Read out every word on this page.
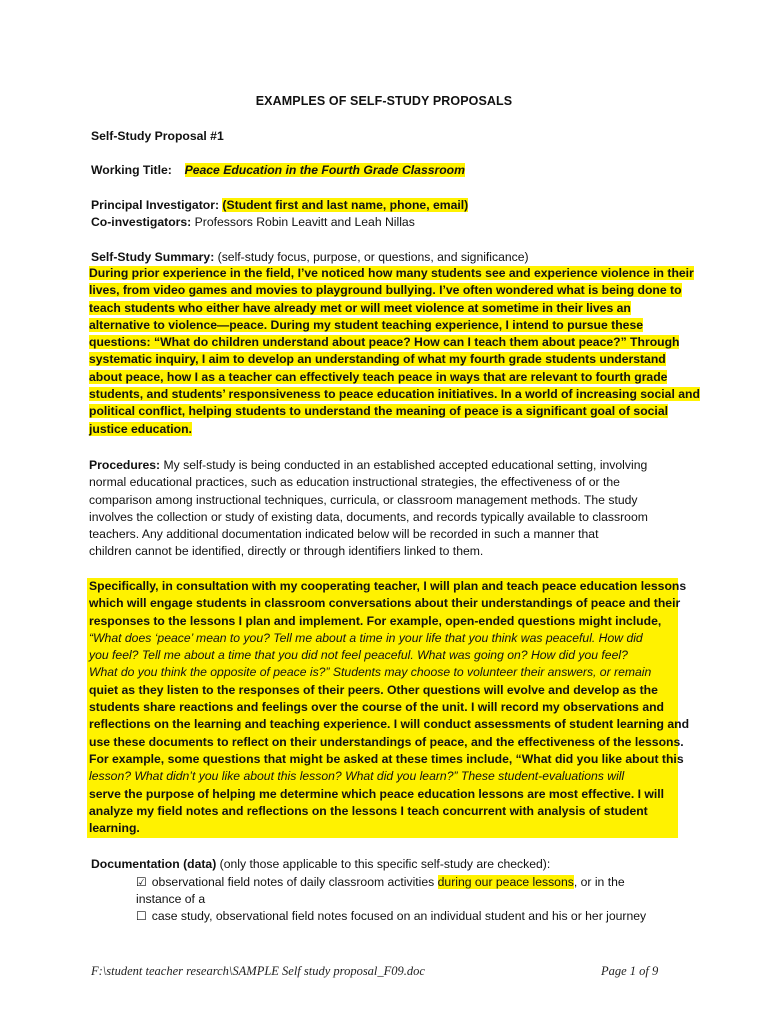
EXAMPLES OF SELF-STUDY PROPOSALS
Self-Study Proposal #1
Working Title: Peace Education in the Fourth Grade Classroom
Principal Investigator: (Student first and last name, phone, email)
Co-investigators: Professors Robin Leavitt and Leah Nillas
Self-Study Summary: (self-study focus, purpose, or questions, and significance)
During prior experience in the field, I’ve noticed how many students see and experience violence in their
lives, from video games and movies to playground bullying. I’ve often wondered what is being done to
teach students who either have already met or will meet violence at sometime in their lives an
alternative to violence—peace. During my student teaching experience, I intend to pursue these
questions: “What do children understand about peace? How can I teach them about peace?” Through
systematic inquiry, I aim to develop an understanding of what my fourth grade students understand
about peace, how I as a teacher can effectively teach peace in ways that are relevant to fourth grade
students, and students’ responsiveness to peace education initiatives. In a world of increasing social and
political conflict, helping students to understand the meaning of peace is a significant goal of social
justice education.
Procedures: My self-study is being conducted in an established accepted educational setting, involving
normal educational practices, such as education instructional strategies, the effectiveness of or the
comparison among instructional techniques, curricula, or classroom management methods. The study
involves the collection or study of existing data, documents, and records typically available to classroom
teachers. Any additional documentation indicated below will be recorded in such a manner that
children cannot be identified, directly or through identifiers linked to them.
Specifically, in consultation with my cooperating teacher, I will plan and teach peace education lessons
which will engage students in classroom conversations about their understandings of peace and their
responses to the lessons I plan and implement. For example, open-ended questions might include,
“What does ‘peace’ mean to you? Tell me about a time in your life that you think was peaceful. How did
you feel? Tell me about a time that you did not feel peaceful. What was going on? How did you feel?
What do you think the opposite of peace is?” Students may choose to volunteer their answers, or remain
quiet as they listen to the responses of their peers. Other questions will evolve and develop as the
students share reactions and feelings over the course of the unit. I will record my observations and
reflections on the learning and teaching experience. I will conduct assessments of student learning and
use these documents to reflect on their understandings of peace, and the effectiveness of the lessons.
For example, some questions that might be asked at these times include, “What did you like about this
lesson? What didn’t you like about this lesson? What did you learn?” These student-evaluations will
serve the purpose of helping me determine which peace education lessons are most effective. I will
analyze my field notes and reflections on the lessons I teach concurrent with analysis of student
learning.
Documentation (data) (only those applicable to this specific self-study are checked):
☑ observational field notes of daily classroom activities during our peace lessons, or in the
instance of a
☐ case study, observational field notes focused on an individual student and his or her journey
F:\student teacher research\SAMPLE Self study proposal_F09.doc	Page 1 of 9
